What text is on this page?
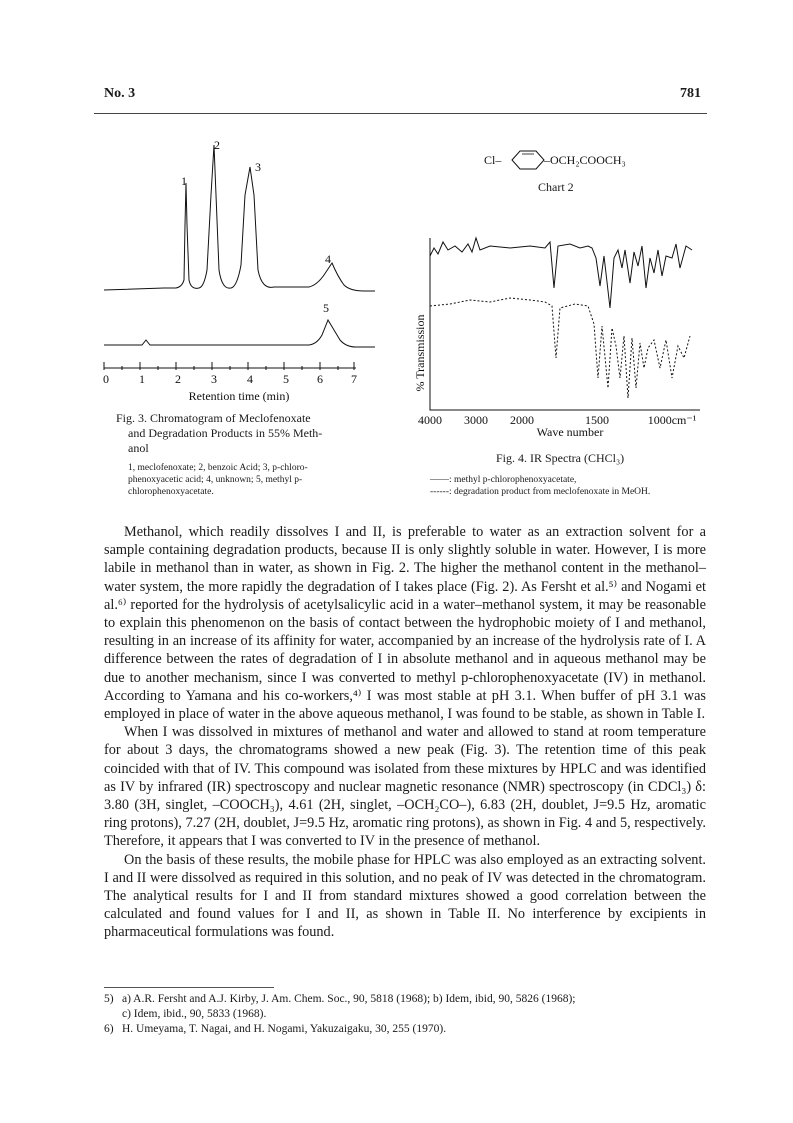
No. 3	781
1
2
3
4
5
0	1	2	3	4	5 6 7
Retention time (min)
Fig. 3. Chromatogram of Meclofenoxate
and Degradation Products in 55% Meth-
anol
1, meclofenoxate; 2, benzoic Acid; 3, p-chloro-
phenoxyacetic acid; 4, unknown; 5, methyl p-
chlorophenoxyacetate.
Cl–	–OCH₂COOCH₃
Chart 2
% Transmission
4000 3000 2000	1500	1000cm⁻¹
Wave number
Fig. 4. IR Spectra (CHCl₃)
——: methyl p-chlorophenoxyacetate,
------: degradation product from meclofenoxate in MeOH.

Methanol, which readily dissolves I and II, is preferable to water as an extraction solvent for a sample containing degradation products, because II is only slightly soluble in water. However, I is more labile in methanol than in water, as shown in Fig. 2. The higher the methanol content in the methanol–water system, the more rapidly the degradation of I takes place (Fig. 2). As Fersht et al.⁵⁾ and Nogami et al.⁶⁾ reported for the hydrolysis of acetylsalicylic acid in a water–methanol system, it may be reasonable to explain this phenomenon on the basis of contact between the hydrophobic moiety of I and methanol, resulting in an increase of its affinity for water, accompanied by an increase of the hydrolysis rate of I. A difference between the rates of degradation of I in absolute methanol and in aqueous methanol may be due to another mechanism, since I was converted to methyl p-chlorophenoxyacetate (IV) in methanol. According to Yamana and his co-workers,⁴⁾ I was most stable at pH 3.1. When buffer of pH 3.1 was employed in place of water in the above aqueous methanol, I was found to be stable, as shown in Table I.

When I was dissolved in mixtures of methanol and water and allowed to stand at room temperature for about 3 days, the chromatograms showed a new peak (Fig. 3). The retention time of this peak coincided with that of IV. This compound was isolated from these mixtures by HPLC and was identified as IV by infrared (IR) spectroscopy and nuclear magnetic resonance (NMR) spectroscopy (in CDCl₃) δ: 3.80 (3H, singlet, –COOCH₃), 4.61 (2H, singlet, –OCH₂CO–), 6.83 (2H, doublet, J=9.5 Hz, aromatic ring protons), 7.27 (2H, doublet, J=9.5 Hz, aromatic ring protons), as shown in Fig. 4 and 5, respectively. Therefore, it appears that I was converted to IV in the presence of methanol.

On the basis of these results, the mobile phase for HPLC was also employed as an extracting solvent. I and II were dissolved as required in this solution, and no peak of IV was detected in the chromatogram. The analytical results for I and II from standard mixtures showed a good correlation between the calculated and found values for I and II, as shown in Table II. No interference by excipients in pharmaceutical formulations was found.

5) a) A.R. Fersht and A.J. Kirby, J. Am. Chem. Soc., 90, 5818 (1968); b) Idem, ibid, 90, 5826 (1968);
c) Idem, ibid., 90, 5833 (1968).
6) H. Umeyama, T. Nagai, and H. Nogami, Yakuzaigaku, 30, 255 (1970).
